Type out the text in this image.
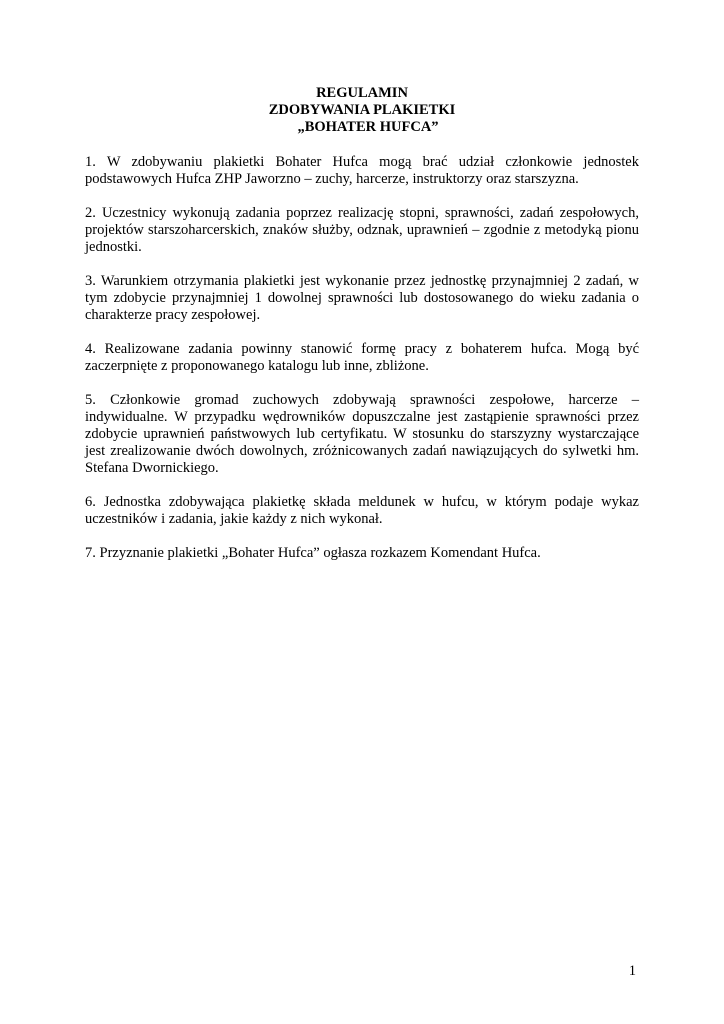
REGULAMIN
ZDOBYWANIA PLAKIETKI
„BOHATER HUFCA”

1. W zdobywaniu plakietki Bohater Hufca mogą brać udział członkowie jednostek podstawowych Hufca ZHP Jaworzno – zuchy, harcerze, instruktorzy oraz starszyzna.

2. Uczestnicy wykonują zadania poprzez realizację stopni, sprawności, zadań zespołowych, projektów starszoharcerskich, znaków służby, odznak, uprawnień – zgodnie z metodyką pionu jednostki.

3. Warunkiem otrzymania plakietki jest wykonanie przez jednostkę przynajmniej 2 zadań, w tym zdobycie przynajmniej 1 dowolnej sprawności lub dostosowanego do wieku zadania o charakterze pracy zespołowej.

4. Realizowane zadania powinny stanowić formę pracy z bohaterem hufca. Mogą być zaczerpnięte z proponowanego katalogu lub inne, zbliżone.

5. Członkowie gromad zuchowych zdobywają sprawności zespołowe, harcerze – indywidualne. W przypadku wędrowników dopuszczalne jest zastąpienie sprawności przez zdobycie uprawnień państwowych lub certyfikatu. W stosunku do starszyzny wystarczające jest zrealizowanie dwóch dowolnych, zróżnicowanych zadań nawiązujących do sylwetki hm. Stefana Dwornickiego.

6. Jednostka zdobywająca plakietkę składa meldunek w hufcu, w którym podaje wykaz uczestników i zadania, jakie każdy z nich wykonał.

7. Przyznanie plakietki „Bohater Hufca” ogłasza rozkazem Komendant Hufca.

1
